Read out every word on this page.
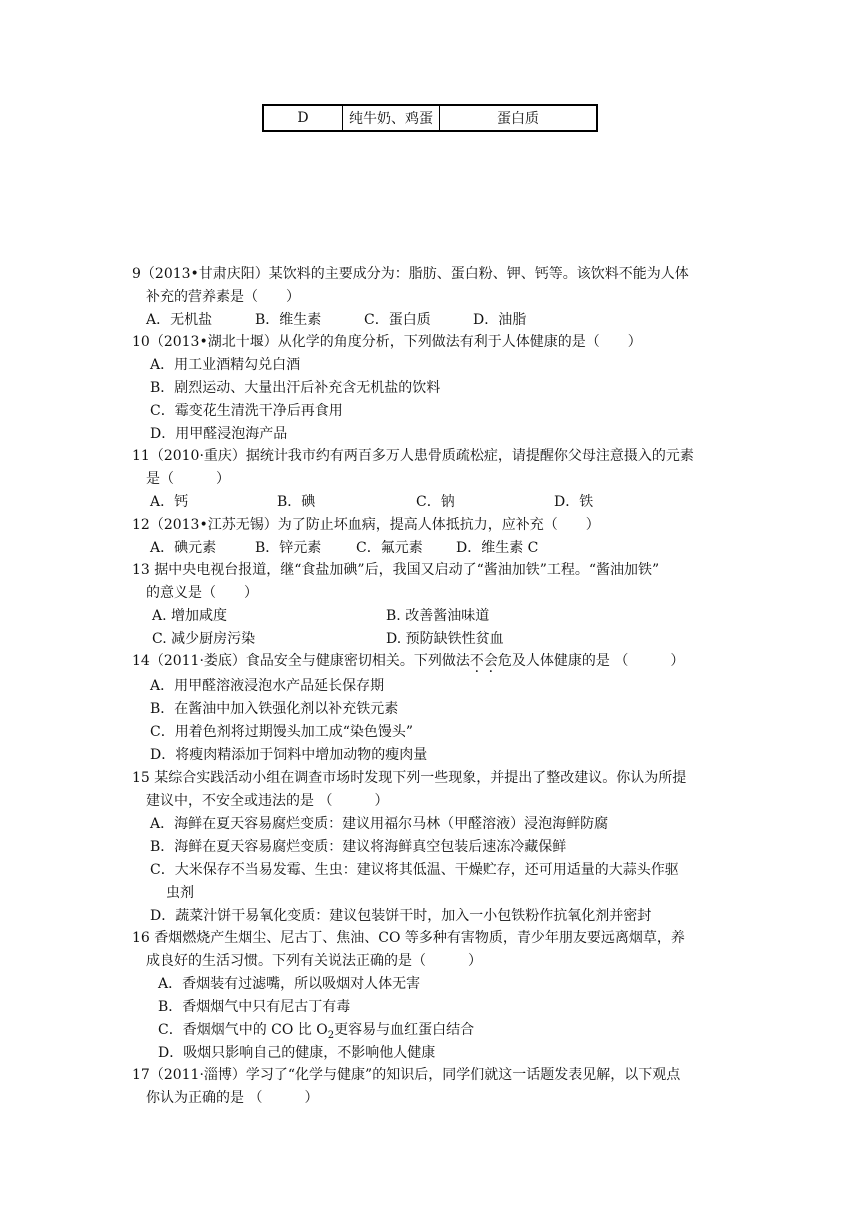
D	纯牛奶、鸡蛋	蛋白质
9（2013•甘肃庆阳）某饮料的主要成分为：脂肪、蛋白粉、钾、钙等。该饮料不能为人体
补充的营养素是（　　）
A．无机盐	B．维生素	C．蛋白质	D．油脂
10（2013•湖北十堰）从化学的角度分析，下列做法有利于人体健康的是（　　）
A．用工业酒精勾兑白酒
B．剧烈运动、大量出汗后补充含无机盐的饮料
C．霉变花生清洗干净后再食用
D．用甲醛浸泡海产品
11（2010·重庆）据统计我市约有两百多万人患骨质疏松症，请提醒你父母注意摄入的元素
是（　　　）
A．钙	B．碘	C．钠	D．铁
12（2013•江苏无锡）为了防止坏血病，提高人体抵抗力，应补充（　　）
A．碘元素	B．锌元素 C．氟元素 D．维生素 C
13 据中央电视台报道，继“食盐加碘”后，我国又启动了“酱油加铁”工程。“酱油加铁”
的意义是（　　）
A. 增加咸度	B. 改善酱油味道
C. 减少厨房污染	D. 预防缺铁性贫血
14（2011·娄底）食品安全与健康密切相关。下列做法不会危及人体健康的是 （　　　）
A．用甲醛溶液浸泡水产品延长保存期
B．在酱油中加入铁强化剂以补充铁元素
C．用着色剂将过期馒头加工成“染色馒头”
D．将瘦肉精添加于饲料中增加动物的瘦肉量
15 某综合实践活动小组在调查市场时发现下列一些现象，并提出了整改建议。你认为所提
建议中，不安全或违法的是 （　　　）
A．海鲜在夏天容易腐烂变质：建议用福尔马林（甲醛溶液）浸泡海鲜防腐
B．海鲜在夏天容易腐烂变质：建议将海鲜真空包装后速冻冷藏保鲜
C．大米保存不当易发霉、生虫：建议将其低温、干燥贮存，还可用适量的大蒜头作驱
虫剂
D．蔬菜汁饼干易氧化变质：建议包装饼干时，加入一小包铁粉作抗氧化剂并密封
16 香烟燃烧产生烟尘、尼古丁、焦油、CO 等多种有害物质，青少年朋友要远离烟草，养
成良好的生活习惯。下列有关说法正确的是（　　　）
A．香烟装有过滤嘴，所以吸烟对人体无害
B．香烟烟气中只有尼古丁有毒
C．香烟烟气中的 CO 比 $O_2$更容易与血红蛋白结合
D．吸烟只影响自己的健康，不影响他人健康
17（2011·淄博）学习了“化学与健康”的知识后，同学们就这一话题发表见解，以下观点
你认为正确的是 （　　　）
